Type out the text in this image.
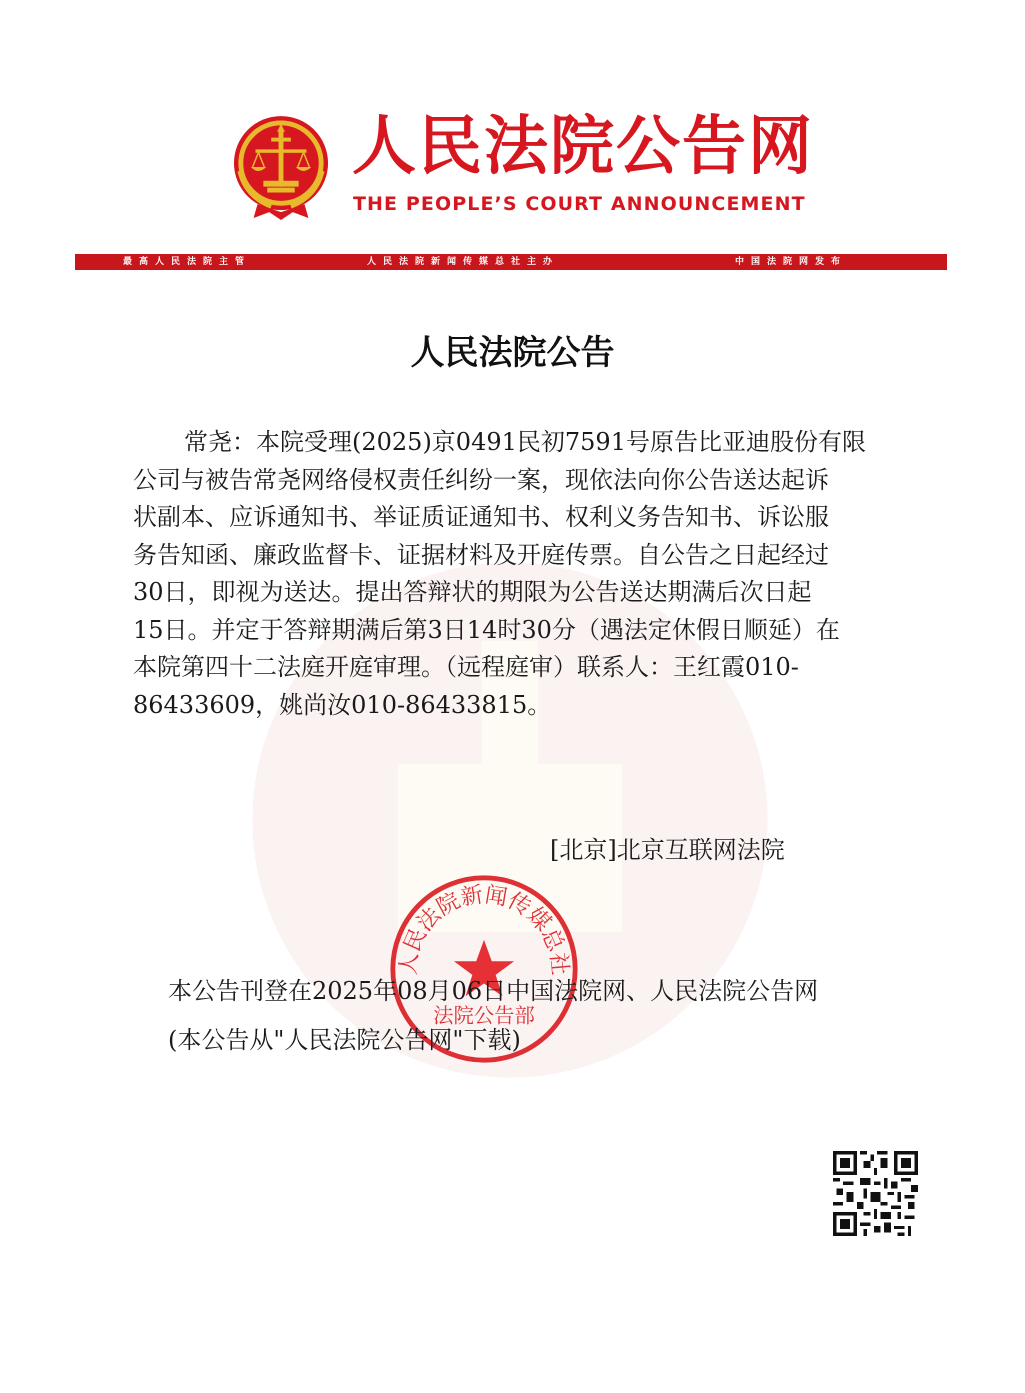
人民法院公告网
THE PEOPLE’S COURT ANNOUNCEMENT
最高人民法院主管	人民法院新闻传媒总社主办	中国法院网发布
人民法院公告
常尧：本院受理(2025)京0491民初7591号原告比亚迪股份有限
公司与被告常尧网络侵权责任纠纷一案，现依法向你公告送达起诉
状副本、应诉通知书、举证质证通知书、权利义务告知书、诉讼服
务告知函、廉政监督卡、证据材料及开庭传票。自公告之日起经过
30日，即视为送达。提出答辩状的期限为公告送达期满后次日起
15日。并定于答辩期满后第3日14时30分（遇法定休假日顺延）在
本院第四十二法庭开庭审理。（远程庭审）联系人：王红霞010-
86433609，姚尚汝010-86433815。
[北京]北京互联网法院
人民法院新闻传媒总社
法院公告部
本公告刊登在2025年08月06日中国法院网、人民法院公告网
(本公告从"人民法院公告网"下载)
